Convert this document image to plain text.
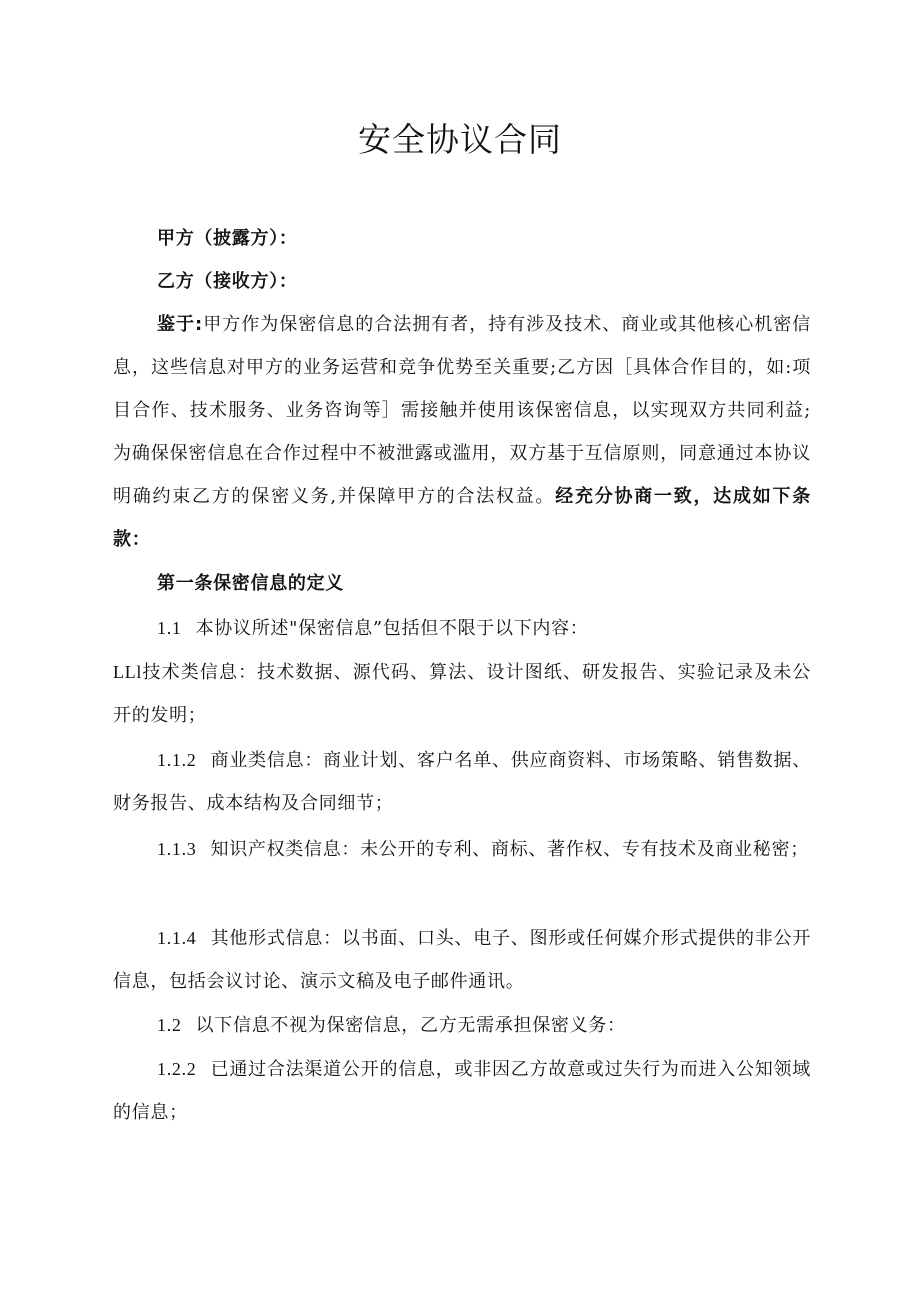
安全协议合同

甲方（披露方）：

乙方（接收方）：

鉴于:甲方作为保密信息的合法拥有者，持有涉及技术、商业或其他核心机密信息，这些信息对甲方的业务运营和竞争优势至关重要;乙方因［具体合作目的，如:项目合作、技术服务、业务咨询等］需接触并使用该保密信息，以实现双方共同利益;为确保保密信息在合作过程中不被泄露或滥用，双方基于互信原则，同意通过本协议明确约束乙方的保密义务,并保障甲方的合法权益。经充分协商一致，达成如下条款：

第一条保密信息的定义

1.1 本协议所述"保密信息”包括但不限于以下内容：

LLl技术类信息：技术数据、源代码、算法、设计图纸、研发报告、实验记录及未公开的发明；

1.1.2 商业类信息：商业计划、客户名单、供应商资料、市场策略、销售数据、财务报告、成本结构及合同细节；

1.1.3 知识产权类信息：未公开的专利、商标、著作权、专有技术及商业秘密；

1.1.4 其他形式信息：以书面、口头、电子、图形或任何媒介形式提供的非公开信息，包括会议讨论、演示文稿及电子邮件通讯。

1.2 以下信息不视为保密信息，乙方无需承担保密义务：

1.2.2 已通过合法渠道公开的信息，或非因乙方故意或过失行为而进入公知领域的信息；
